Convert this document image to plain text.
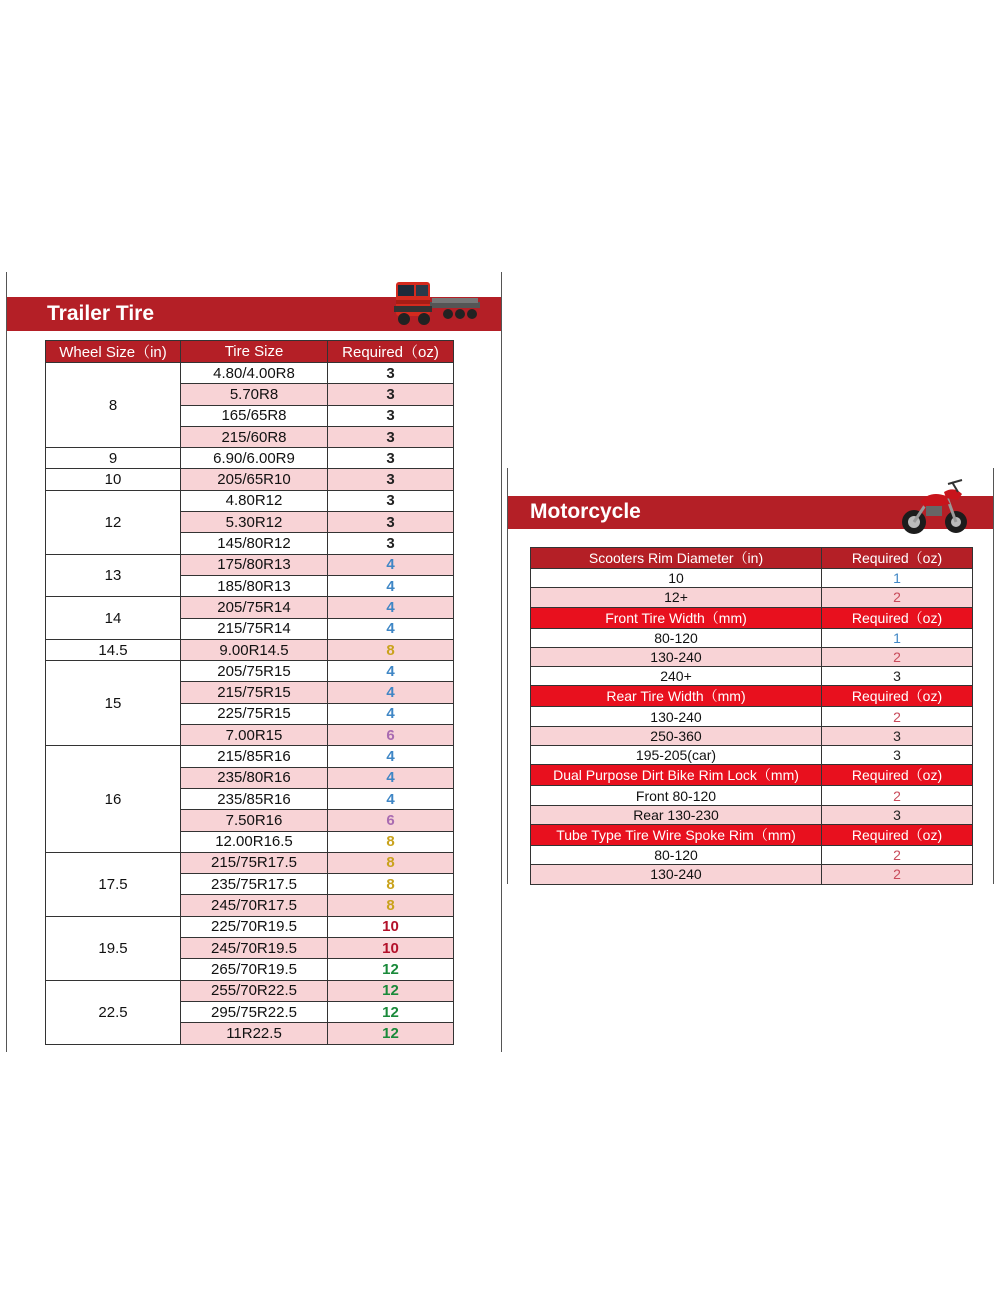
Trailer Tire
Wheel Size（in)	Tire Size	Required（oz)
8	4.80/4.00R8	3
	5.70R8	3
	165/65R8	3
	215/60R8	3
9	6.90/6.00R9	3
10	205/65R10	3
12	4.80R12	3
	5.30R12	3
	145/80R12	3
13	175/80R13	4
	185/80R13	4
14	205/75R14	4
	215/75R14	4
14.5	9.00R14.5	8
15	205/75R15	4
	215/75R15	4
	225/75R15	4
	7.00R15	6
16	215/85R16	4
	235/80R16	4
	235/85R16	4
	7.50R16	6
	12.00R16.5	8
17.5	215/75R17.5	8
	235/75R17.5	8
	245/70R17.5	8
19.5	225/70R19.5	10
	245/70R19.5	10
	265/70R19.5	12
22.5	255/70R22.5	12
	295/75R22.5	12
	11R22.5	12
Motorcycle
Scooters Rim Diameter（in)	Required（oz)
10	1
12+	2
Front Tire Width（mm)	Required（oz)
80-120	1
130-240	2
240+	3
Rear Tire Width（mm)	Required（oz)
130-240	2
250-360	3
195-205(car)	3
Dual Purpose Dirt Bike Rim Lock（mm)	Required（oz)
Front 80-120	2
Rear 130-230	3
Tube Type Tire Wire Spoke Rim（mm)	Required（oz)
80-120	2
130-240	2
